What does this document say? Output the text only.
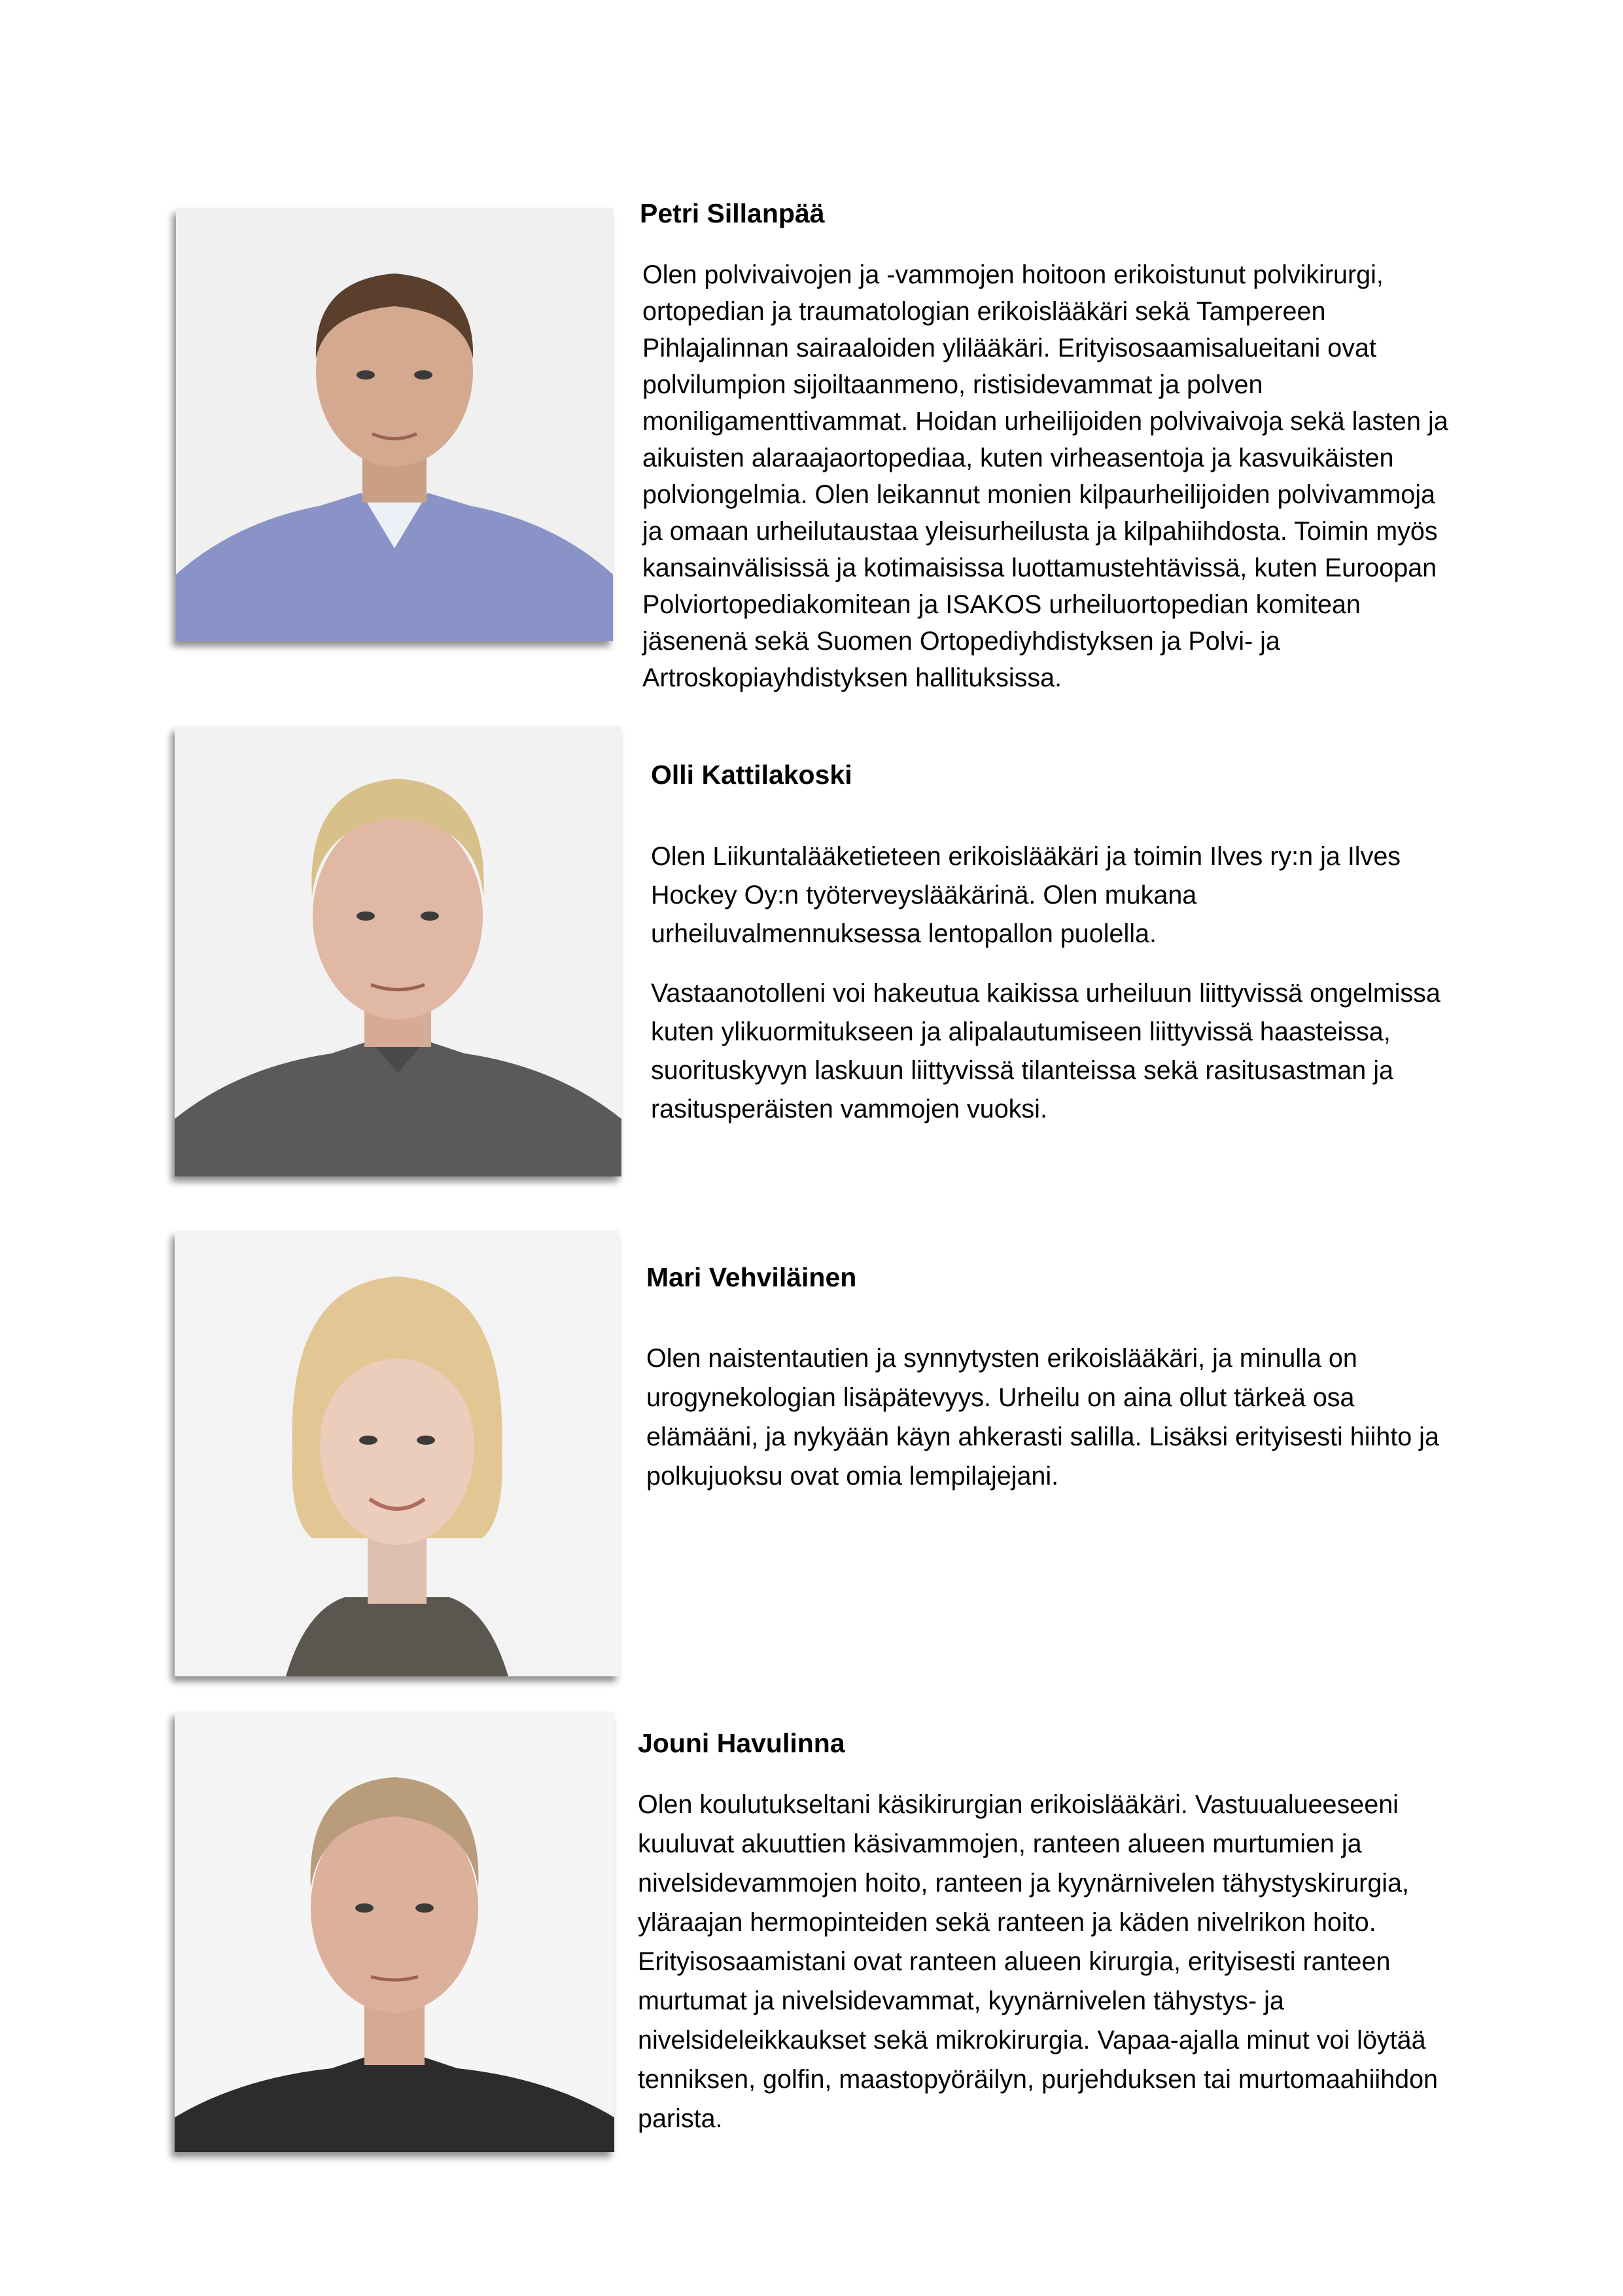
Petri Sillanpää

Olen polvivaivojen ja -vammojen hoitoon erikoistunut polvikirurgi,
ortopedian ja traumatologian erikoislääkäri sekä Tampereen
Pihlajalinnan sairaaloiden ylilääkäri. Erityisosaamisalueitani ovat
polvilumpion sijoiltaanmeno, ristisidevammat ja polven
moniligamenttivammat. Hoidan urheilijoiden polvivaivoja sekä lasten ja
aikuisten alaraajaortopediaa, kuten virheasentoja ja kasvuikäisten
polviongelmia. Olen leikannut monien kilpaurheilijoiden polvivammoja
ja omaan urheilutaustaa yleisurheilusta ja kilpahiihdosta. Toimin myös
kansainvälisissä ja kotimaisissa luottamustehtävissä, kuten Euroopan
Polviortopediakomitean ja ISAKOS urheiluortopedian komitean
jäsenenä sekä Suomen Ortopediyhdistyksen ja Polvi- ja
Artroskopiayhdistyksen hallituksissa.

Olli Kattilakoski

Olen Liikuntalääketieteen erikoislääkäri ja toimin Ilves ry:n ja Ilves
Hockey Oy:n työterveyslääkärinä. Olen mukana
urheiluvalmennuksessa lentopallon puolella.

Vastaanotolleni voi hakeutua kaikissa urheiluun liittyvissä ongelmissa
kuten ylikuormitukseen ja alipalautumiseen liittyvissä haasteissa,
suorituskyvyn laskuun liittyvissä tilanteissa sekä rasitusastman ja
rasitusperäisten vammojen vuoksi.

Mari Vehviläinen

Olen naistentautien ja synnytysten erikoislääkäri, ja minulla on
urogynekologian lisäpätevyys. Urheilu on aina ollut tärkeä osa
elämääni, ja nykyään käyn ahkerasti salilla. Lisäksi erityisesti hiihto ja
polkujuoksu ovat omia lempilajejani.

Jouni Havulinna

Olen koulutukseltani käsikirurgian erikoislääkäri. Vastuualueeseeni
kuuluvat akuuttien käsivammojen, ranteen alueen murtumien ja
nivelsidevammojen hoito, ranteen ja kyynärnivelen tähystyskirurgia,
yläraajan hermopinteiden sekä ranteen ja käden nivelrikon hoito.
Erityisosaamistani ovat ranteen alueen kirurgia, erityisesti ranteen
murtumat ja nivelsidevammat, kyynärnivelen tähystys- ja
nivelsideleikkaukset sekä mikrokirurgia. Vapaa-ajalla minut voi löytää
tenniksen, golfin, maastopyöräilyn, purjehduksen tai murtomaahiihdon
parista.
